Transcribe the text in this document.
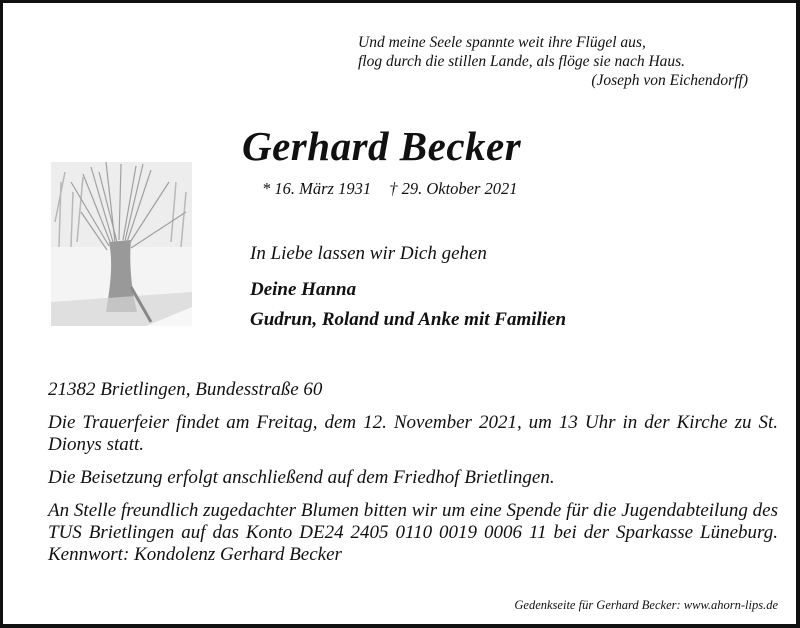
Und meine Seele spannte weit ihre Flügel aus,
flog durch die stillen Lande, als flöge sie nach Haus.
(Joseph von Eichendorff)
Gerhard Becker
* 16. März 1931 † 29. Oktober 2021
In Liebe lassen wir Dich gehen
Deine Hanna
Gudrun, Roland und Anke mit Familien

21382 Brietlingen, Bundesstraße 60

Die Trauerfeier findet am Freitag, dem 12. November 2021, um 13 Uhr in der Kirche zu St. Dionys statt.

Die Beisetzung erfolgt anschließend auf dem Friedhof Brietlingen.

An Stelle freundlich zugedachter Blumen bitten wir um eine Spende für die Jugendabteilung des TUS Brietlingen auf das Konto DE24 2405 0110 0019 0006 11 bei der Sparkasse Lüneburg. Kennwort: Kondolenz Gerhard Becker

Gedenkseite für Gerhard Becker: www.ahorn-lips.de
